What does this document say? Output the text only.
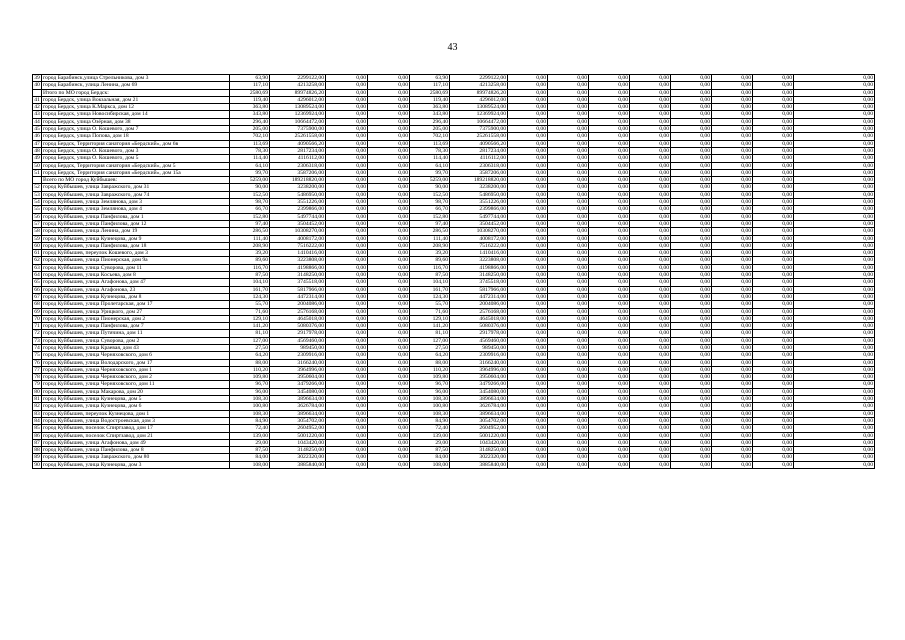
43
39	город Барабинск,улица Стрельникова, дом 3	63,90	2299122,00	0,00	0,00	63,90	2299122,00	0,00	0,00	0,00	0,00	0,00	0,00	0,00	0,00
40	город Барабинск, улица Ленина, дом 69	117,10	4213258,00	0,00	0,00	117,10	4213258,00	0,00	0,00	0,00	0,00	0,00	0,00	0,00	0,00
	Итого по МО город Бердск:	2580,69	89974826,20	0,00	0,00	2580,69	89974826,20	0,00	0,00	0,00	0,00	0,00	0,00	0,00	0,00
41	город Бердск, улица Вокзальная, дом 21	119,40	4296012,00	0,00	0,00	119,40	4296012,00	0,00	0,00	0,00	0,00	0,00	0,00	0,00	0,00
42	город Бердск, улица К.Маркса, дом 12	363,80	13089524,00	0,00	0,00	363,80	13089524,00	0,00	0,00	0,00	0,00	0,00	0,00	0,00	0,00
43	город Бердск, улица Новосибирская, дом 14	343,80	12369924,00	0,00	0,00	343,80	12369924,00	0,00	0,00	0,00	0,00	0,00	0,00	0,00	0,00
44	город Бердск, улица Озёрная, дом 38	296,40	10664472,00	0,00	0,00	296,40	10664472,00	0,00	0,00	0,00	0,00	0,00	0,00	0,00	0,00
45	город Бердск, улица О. Кошевого, дом 7	205,00	7375900,00	0,00	0,00	205,00	7375900,00	0,00	0,00	0,00	0,00	0,00	0,00	0,00	0,00
46	город Бердск, улица Попова, дом 18	702,10	25261558,00	0,00	0,00	702,10	25261558,00	0,00	0,00	0,00	0,00	0,00	0,00	0,00	0,00
47	город Бердск, Территория санатория «Бердский», дом 6в	113,69	4090566,20	0,00	0,00	113,69	4090566,20	0,00	0,00	0,00	0,00	0,00	0,00	0,00	0,00
48	город Бердск, улица О. Кошевого, дом 3	78,30	2817234,00	0,00	0,00	78,30	2817234,00	0,00	0,00	0,00	0,00	0,00	0,00	0,00	0,00
49	город Бердск, улица О. Кошевого, дом 5	114,40	4116112,00	0,00	0,00	114,40	4116112,00	0,00	0,00	0,00	0,00	0,00	0,00	0,00	0,00
50	город Бердск, Территория санатория «Бердский», дом 5	64,10	2306318,00	0,00	0,00	64,10	2306318,00	0,00	0,00	0,00	0,00	0,00	0,00	0,00	0,00
51	город Бердск, Территория санатория «Бердский», дом 15а	99,70	3587206,00	0,00	0,00	99,70	3587206,00	0,00	0,00	0,00	0,00	0,00	0,00	0,00	0,00
	Всего по МО город Куйбышев:	5259,00	189218820,00	0,00	0,00	5259,00	189218820,00	0,00	0,00	0,00	0,00	0,00	0,00	0,00	0,00
52	город Куйбышев, улица Завражского, дом 31	90,00	3238200,00	0,00	0,00	90,00	3238200,00	0,00	0,00	0,00	0,00	0,00	0,00	0,00	0,00
53	город Куйбышев, улица Завражского, дом 74	152,50	5486950,00	0,00	0,00	152,50	5486950,00	0,00	0,00	0,00	0,00	0,00	0,00	0,00	0,00
54	город Куйбышев, улица Землянова, дом 3	98,70	3551226,00	0,00	0,00	98,70	3551226,00	0,00	0,00	0,00	0,00	0,00	0,00	0,00	0,00
55	город Куйбышев, улица Землянова, дом 4	66,70	2399866,00	0,00	0,00	66,70	2399866,00	0,00	0,00	0,00	0,00	0,00	0,00	0,00	0,00
56	город Куйбышев, улица Панфилова, дом 1	152,80	5497744,00	0,00	0,00	152,80	5497744,00	0,00	0,00	0,00	0,00	0,00	0,00	0,00	0,00
57	город Куйбышев, улица Панфилова, дом 12	97,40	3504452,00	0,00	0,00	97,40	3504452,00	0,00	0,00	0,00	0,00	0,00	0,00	0,00	0,00
58	город Куйбышев, улица Ленина, дом 19	286,50	10308270,00	0,00	0,00	286,50	10308270,00	0,00	0,00	0,00	0,00	0,00	0,00	0,00	0,00
59	город Куйбышев, улица Кузнецова, дом 9	111,40	4008172,00	0,00	0,00	111,40	4008172,00	0,00	0,00	0,00	0,00	0,00	0,00	0,00	0,00
60	город Куйбышев, улица Панфилова, дом 18	208,90	7516222,00	0,00	0,00	208,90	7516222,00	0,00	0,00	0,00	0,00	0,00	0,00	0,00	0,00
61	город Куйбышев, переулок Кошевого, дом 3	39,20	1410416,00	0,00	0,00	39,20	1410416,00	0,00	0,00	0,00	0,00	0,00	0,00	0,00	0,00
62	город Куйбышев, улица Пионерская, дом 9а	89,60	3223808,00	0,00	0,00	89,60	3223808,00	0,00	0,00	0,00	0,00	0,00	0,00	0,00	0,00
63	город Куйбышев, улица Суворова, дом 11	116,70	4198866,00	0,00	0,00	116,70	4198866,00	0,00	0,00	0,00	0,00	0,00	0,00	0,00	0,00
64	город Куйбышев, улица Косьева, дом 8	87,50	3148250,00	0,00	0,00	87,50	3148250,00	0,00	0,00	0,00	0,00	0,00	0,00	0,00	0,00
65	город Куйбышев, улица Агафонова, дом 47	104,10	3745518,00	0,00	0,00	104,10	3745518,00	0,00	0,00	0,00	0,00	0,00	0,00	0,00	0,00
66	город Куйбышев, улица Агафонова, 23	161,70	5817966,00	0,00	0,00	161,70	5817966,00	0,00	0,00	0,00	0,00	0,00	0,00	0,00	0,00
67	город Куйбышев, улица Кузнецова, дом 8	124,30	4472314,00	0,00	0,00	124,30	4472314,00	0,00	0,00	0,00	0,00	0,00	0,00	0,00	0,00
68	город Куйбышев, улица Пролетарская, дом 17	55,70	2004086,00	0,00	0,00	55,70	2004086,00	0,00	0,00	0,00	0,00	0,00	0,00	0,00	0,00
69	город Куйбышев, улица Урицкого, дом 27	71,60	2576168,00	0,00	0,00	71,60	2576168,00	0,00	0,00	0,00	0,00	0,00	0,00	0,00	0,00
70	город Куйбышев, улица Пионерская, дом 2	129,10	4645018,00	0,00	0,00	129,10	4645018,00	0,00	0,00	0,00	0,00	0,00	0,00	0,00	0,00
71	город Куйбышев, улица Панфилова, дом 7	141,20	5080376,00	0,00	0,00	141,20	5080376,00	0,00	0,00	0,00	0,00	0,00	0,00	0,00	0,00
72	город Куйбышев, улица Путячина, дом 11	81,10	2917978,00	0,00	0,00	81,10	2917978,00	0,00	0,00	0,00	0,00	0,00	0,00	0,00	0,00
73	город Куйбышев, улица Суворова, дом 2	127,00	4569460,00	0,00	0,00	127,00	4569460,00	0,00	0,00	0,00	0,00	0,00	0,00	0,00	0,00
74	город Куйбышев, улица Краевая, дом 43	27,50	989450,00	0,00	0,00	27,50	989450,00	0,00	0,00	0,00	0,00	0,00	0,00	0,00	0,00
75	город Куйбышев, улица Черняховского, дом 6	64,20	2309916,00	0,00	0,00	64,20	2309916,00	0,00	0,00	0,00	0,00	0,00	0,00	0,00	0,00
76	город Куйбышев, улица Володарского, дом 17	88,00	3166240,00	0,00	0,00	88,00	3166240,00	0,00	0,00	0,00	0,00	0,00	0,00	0,00	0,00
77	город Куйбышев, улица Черняховского, дом 1	110,20	3964996,00	0,00	0,00	110,20	3964996,00	0,00	0,00	0,00	0,00	0,00	0,00	0,00	0,00
78	город Куйбышев, улица Черняховского, дом 2	109,80	3950604,00	0,00	0,00	109,80	3950604,00	0,00	0,00	0,00	0,00	0,00	0,00	0,00	0,00
79	город Куйбышев, улица Черняховского, дом 11	96,70	3479266,00	0,00	0,00	96,70	3479266,00	0,00	0,00	0,00	0,00	0,00	0,00	0,00	0,00
80	город Куйбышев, улица Макарова, дом 20	96,00	3454080,00	0,00	0,00	96,00	3454080,00	0,00	0,00	0,00	0,00	0,00	0,00	0,00	0,00
81	город Куйбышев, улица Кузнецова, дом 5	108,30	3896634,00	0,00	0,00	108,30	3896634,00	0,00	0,00	0,00	0,00	0,00	0,00	0,00	0,00
82	город Куйбышев, улица Кузнецова, дом 6	100,80	3626784,00	0,00	0,00	100,80	3626784,00	0,00	0,00	0,00	0,00	0,00	0,00	0,00	0,00
83	город Куйбышев, переулок Кузнецова, дом 1	108,30	3896634,00	0,00	0,00	108,30	3896634,00	0,00	0,00	0,00	0,00	0,00	0,00	0,00	0,00
84	город Куйбышев, улица Водостроевская, дом 3	84,90	3054702,00	0,00	0,00	84,90	3054702,00	0,00	0,00	0,00	0,00	0,00	0,00	0,00	0,00
85	город Куйбышев, поселок Спиртзавод, дом 17	72,40	2604952,00	0,00	0,00	72,40	2604952,00	0,00	0,00	0,00	0,00	0,00	0,00	0,00	0,00
86	город Куйбышев, поселок Спиртзавод, дом 21	139,00	5001220,00	0,00	0,00	139,00	5001220,00	0,00	0,00	0,00	0,00	0,00	0,00	0,00	0,00
87	город Куйбышев, улица Агафонова, дом 49	29,00	1043420,00	0,00	0,00	29,00	1043420,00	0,00	0,00	0,00	0,00	0,00	0,00	0,00	0,00
88	город Куйбышев, улица Панфилова, дом 8	87,50	3148250,00	0,00	0,00	87,50	3148250,00	0,00	0,00	0,00	0,00	0,00	0,00	0,00	0,00
89	город Куйбышев, улица Завражского, дом 80	84,00	3022320,00	0,00	0,00	84,00	3022320,00	0,00	0,00	0,00	0,00	0,00	0,00	0,00	0,00
90	город Куйбышев, улица Кузнецова, дом 3	108,00	3885840,00	0,00	0,00	108,00	3885840,00	0,00	0,00	0,00	0,00	0,00	0,00	0,00	0,00
